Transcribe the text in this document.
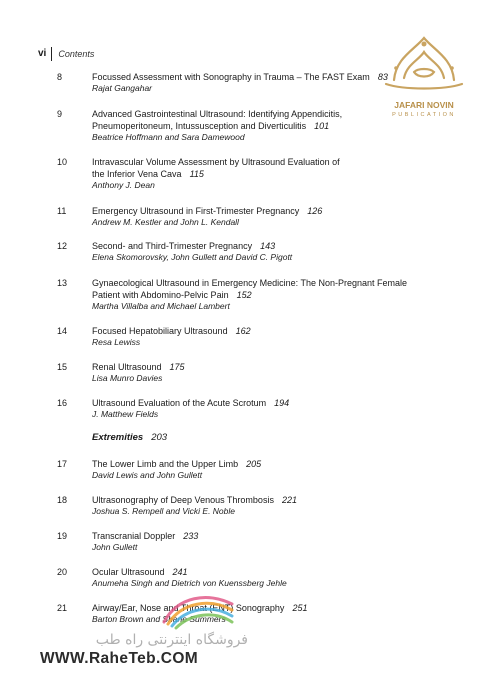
vi	Contents
JAFARI NOVIN
PUBLICATION
8	Focussed Assessment with Sonography in Trauma – The FAST Exam 83
Rajat Gangahar
9	Advanced Gastrointestinal Ultrasound: Identifying Appendicitis,
Pneumoperitoneum, Intussusception and Diverticulitis 101
Beatrice Hoffmann and Sara Damewood
10	Intravascular Volume Assessment by Ultrasound Evaluation of
the Inferior Vena Cava 115
Anthony J. Dean
11	Emergency Ultrasound in First-Trimester Pregnancy 126
Andrew M. Kestler and John L. Kendall
12	Second- and Third-Trimester Pregnancy 143
Elena Skomorovsky, John Gullett and David C. Pigott
13	Gynaecological Ultrasound in Emergency Medicine: The Non-Pregnant Female
Patient with Abdomino-Pelvic Pain 152
Martha Villalba and Michael Lambert
14	Focused Hepatobiliary Ultrasound 162
Resa Lewiss
15	Renal Ultrasound 175
Lisa Munro Davies
16	Ultrasound Evaluation of the Acute Scrotum 194
J. Matthew Fields
Extremities 203
17	The Lower Limb and the Upper Limb 205
David Lewis and John Gullett
18	Ultrasonography of Deep Venous Thrombosis 221
Joshua S. Rempell and Vicki E. Noble
19	Transcranial Doppler 233
John Gullett
20	Ocular Ultrasound 241
Anumeha Singh and Dietrich von Kuenssberg Jehle
21	Airway/Ear, Nose and Throat (ENT) Sonography 251
Barton Brown and Shane Summers
فروشگاه اینترنتی راه طب
WWW.RaheTeb.COM
